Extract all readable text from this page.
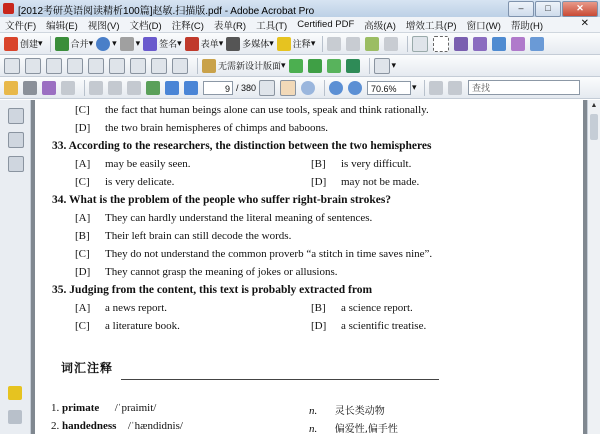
[2012考研英语阅读精析100篇]赵敏.扫描版.pdf - Adobe Acrobat Pro	–	□	✕
文件(F)	编辑(E)	视图(V)	文档(D)	注释(C)	表单(R)	工具(T)	Certified PDF	高级(A)	增效工具(P)	窗口(W)	帮助(H)	✕
创建 ▾	合并 ▾	▾	▾ 签名 ▾ 表单 ▾ 多媒体 ▾ 注释 ▾
无需新设计版面 ▾	▾
9 / 380	70.6%	▾	查找
[C] the fact that human beings alone can use tools, speak and think rationally.
[D] the two brain hemispheres of chimps and baboons.
33. According to the researchers, the distinction between the two hemispheres
[A] may be easily seen.	[B] is very difficult.
[C] is very delicate.	[D] may not be made.
34. What is the problem of the people who suffer right-brain strokes?
[A] They can hardly understand the literal meaning of sentences.
[B] Their left brain can still decode the words.
[C] They do not understand the common proverb “a stitch in time saves nine”.
[D] They cannot grasp the meaning of jokes or allusions.
35. Judging from the content, this text is probably extracted from
[A] a news report.	[B] a science report.
[C] a literature book.	[D] a scientific treatise.
词汇注释
1. primate /ˈpraimit/	n. 灵长类动物
2. handedness /ˈhændidnis/	n. 偏爱性,偏手性
▲
